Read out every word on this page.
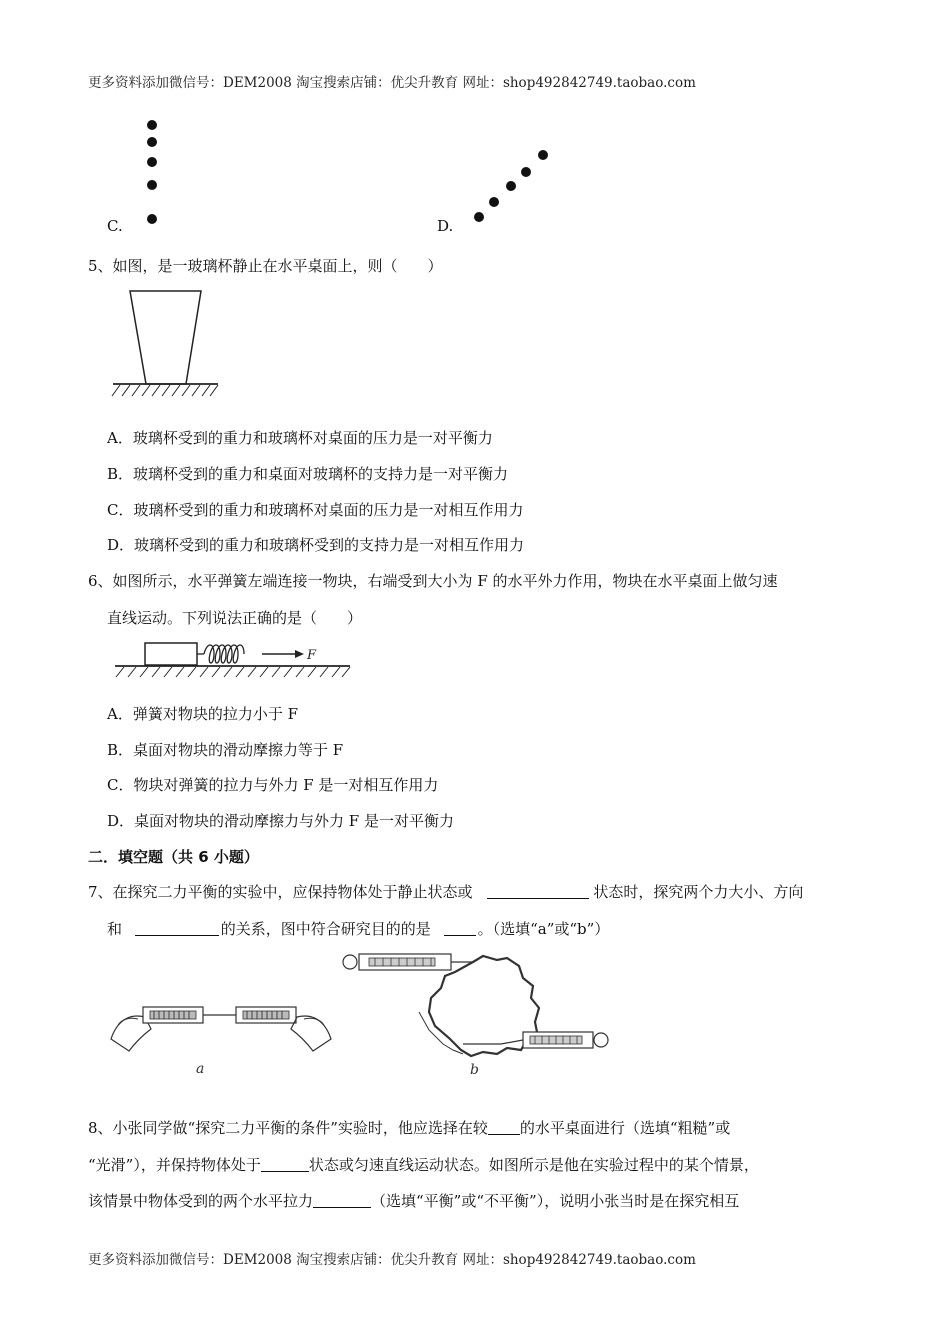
更多资料添加微信号：DEM2008 淘宝搜索店铺：优尖升教育 网址：shop492842749.taobao.com
C.	D.
5、如图，是一玻璃杯静止在水平桌面上，则（　　）
A．玻璃杯受到的重力和玻璃杯对桌面的压力是一对平衡力
B．玻璃杯受到的重力和桌面对玻璃杯的支持力是一对平衡力
C．玻璃杯受到的重力和玻璃杯对桌面的压力是一对相互作用力
D．玻璃杯受到的重力和玻璃杯受到的支持力是一对相互作用力
6、如图所示，水平弹簧左端连接一物块，右端受到大小为 F 的水平外力作用，物块在水平桌面上做匀速
直线运动。下列说法正确的是（　　）
F
A．弹簧对物块的拉力小于 F
B．桌面对物块的滑动摩擦力等于 F
C．物块对弹簧的拉力与外力 F 是一对相互作用力
D．桌面对物块的滑动摩擦力与外力 F 是一对平衡力
二．填空题（共 6 小题）
7、在探究二力平衡的实验中，应保持物体处于静止状态或	状态时，探究两个力大小、方向
和	的关系，图中符合研究目的的是	。（选填“a”或“b”）
a	b
8、小张同学做“探究二力平衡的条件”实验时，他应选择在较 的水平桌面进行（选填“粗糙”或
“光滑”），并保持物体处于	状态或匀速直线运动状态。如图所示是他在实验过程中的某个情景，
该情景中物体受到的两个水平拉力	（选填“平衡”或“不平衡”），说明小张当时是在探究相互
更多资料添加微信号：DEM2008 淘宝搜索店铺：优尖升教育 网址：shop492842749.taobao.com
